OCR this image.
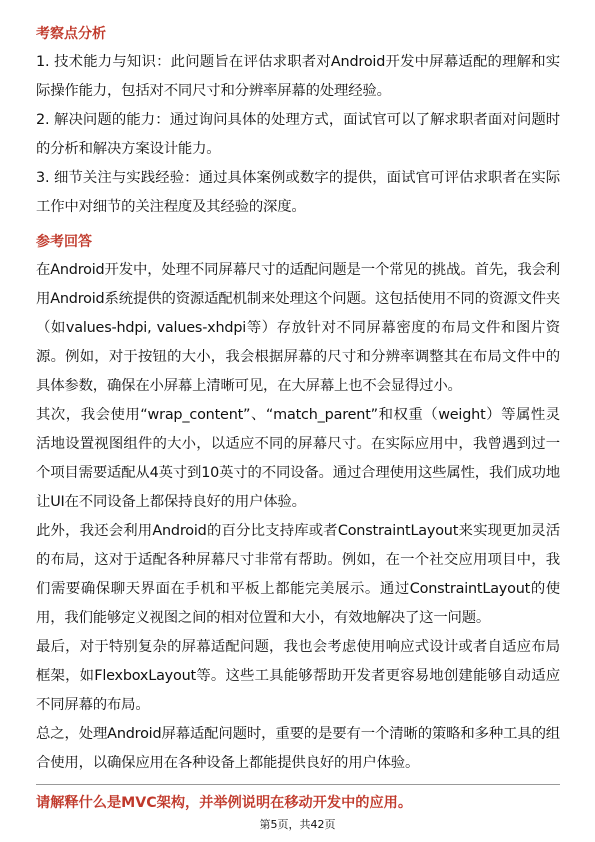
考察点分析

1. 技术能力与知识：此问题旨在评估求职者对Android开发中屏幕适配的理解和实际操作能力，包括对不同尺寸和分辨率屏幕的处理经验。

2. 解决问题的能力：通过询问具体的处理方式，面试官可以了解求职者面对问题时的分析和解决方案设计能力。

3. 细节关注与实践经验：通过具体案例或数字的提供，面试官可评估求职者在实际工作中对细节的关注程度及其经验的深度。

参考回答

在Android开发中，处理不同屏幕尺寸的适配问题是一个常见的挑战。首先，我会利用Android系统提供的资源适配机制来处理这个问题。这包括使用不同的资源文件夹（如values-hdpi, values-xhdpi等）存放针对不同屏幕密度的布局文件和图片资源。例如，对于按钮的大小，我会根据屏幕的尺寸和分辨率调整其在布局文件中的具体参数，确保在小屏幕上清晰可见，在大屏幕上也不会显得过小。

其次，我会使用“wrap_content”、“match_parent”和权重（weight）等属性灵活地设置视图组件的大小，以适应不同的屏幕尺寸。在实际应用中，我曾遇到过一个项目需要适配从4英寸到10英寸的不同设备。通过合理使用这些属性，我们成功地让UI在不同设备上都保持良好的用户体验。

此外，我还会利用Android的百分比支持库或者ConstraintLayout来实现更加灵活的布局，这对于适配各种屏幕尺寸非常有帮助。例如，在一个社交应用项目中，我们需要确保聊天界面在手机和平板上都能完美展示。通过ConstraintLayout的使用，我们能够定义视图之间的相对位置和大小，有效地解决了这一问题。

最后，对于特别复杂的屏幕适配问题，我也会考虑使用响应式设计或者自适应布局框架，如FlexboxLayout等。这些工具能够帮助开发者更容易地创建能够自动适应不同屏幕的布局。

总之，处理Android屏幕适配问题时，重要的是要有一个清晰的策略和多种工具的组合使用，以确保应用在各种设备上都能提供良好的用户体验。

请解释什么是MVC架构，并举例说明在移动开发中的应用。
第5页，共42页
